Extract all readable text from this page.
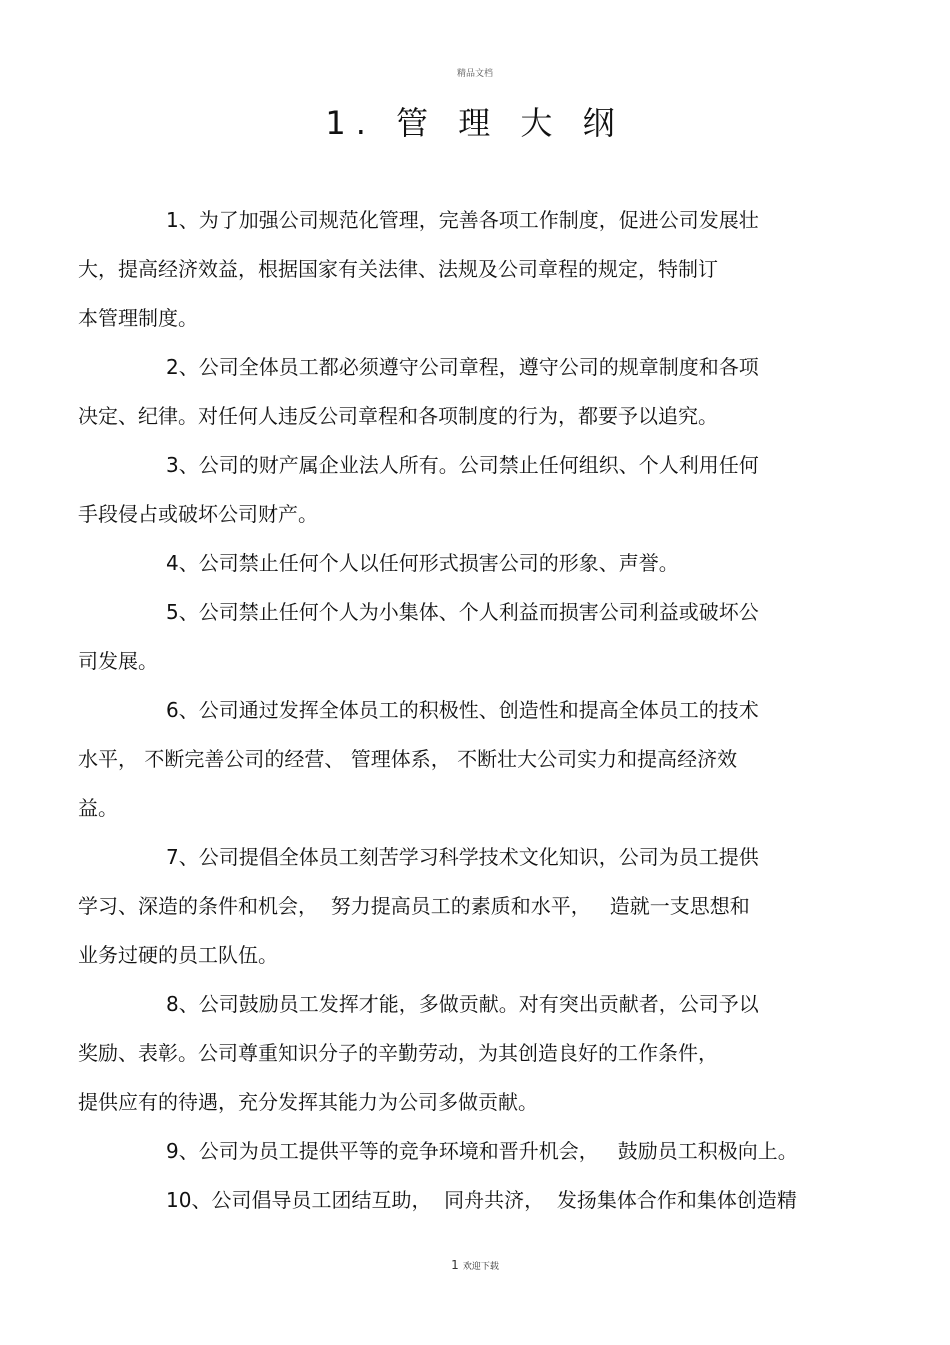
精品文档
1. 管 理 大 纲

1、为了加强公司规范化管理，完善各项工作制度，促进公司发展壮
大，提高经济效益，根据国家有关法律、法规及公司章程的规定，特制订
本管理制度。

2、公司全体员工都必须遵守公司章程，遵守公司的规章制度和各项
决定、纪律。对任何人违反公司章程和各项制度的行为，都要予以追究。

3、公司的财产属企业法人所有。公司禁止任何组织、个人利用任何
手段侵占或破坏公司财产。

4、公司禁止任何个人以任何形式损害公司的形象、声誉。

5、公司禁止任何个人为小集体、个人利益而损害公司利益或破坏公
司发展。

6、公司通过发挥全体员工的积极性、创造性和提高全体员工的技术
水平， 不断完善公司的经营、 管理体系， 不断壮大公司实力和提高经济效
益。

7、公司提倡全体员工刻苦学习科学技术文化知识，公司为员工提供
学习、深造的条件和机会，  努力提高员工的素质和水平，   造就一支思想和
业务过硬的员工队伍。

8、公司鼓励员工发挥才能，多做贡献。对有突出贡献者，公司予以
奖励、表彰。公司尊重知识分子的辛勤劳动，为其创造良好的工作条件，
提供应有的待遇，充分发挥其能力为公司多做贡献。

9、公司为员工提供平等的竞争环境和晋升机会，   鼓励员工积极向上。

10、公司倡导员工团结互助，  同舟共济，  发扬集体合作和集体创造精

1 欢迎下载
